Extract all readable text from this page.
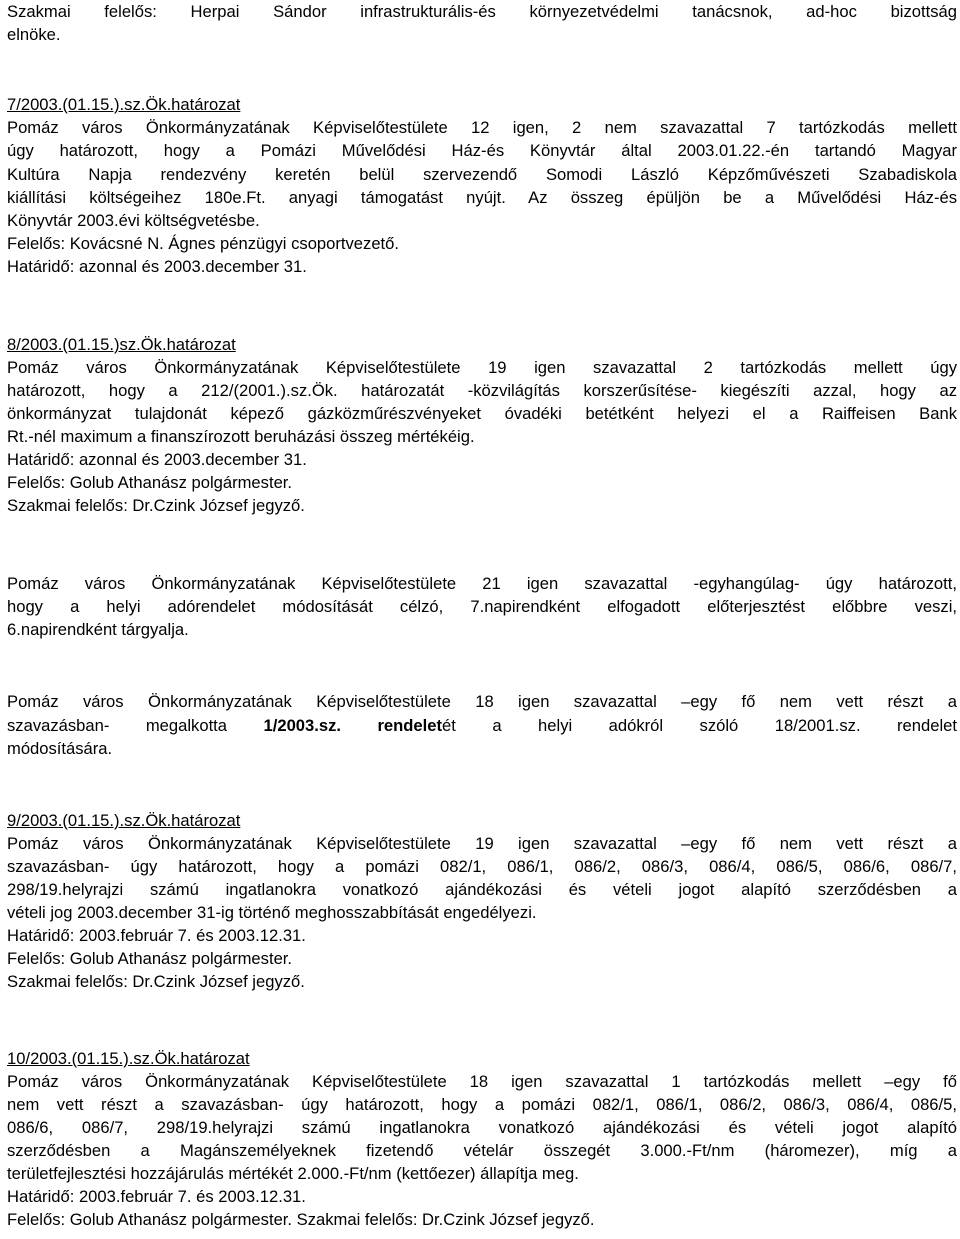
Szakmai felelős: Herpai Sándor infrastrukturális-és környezetvédelmi tanácsnok, ad-hoc bizottság
elnöke.
7/2003.(01.15.).sz.Ök.határozat
Pomáz város Önkormányzatának Képviselőtestülete 12 igen, 2 nem szavazattal 7 tartózkodás mellett
úgy határozott, hogy a Pomázi Művelődési Ház-és Könyvtár által 2003.01.22.-én tartandó Magyar
Kultúra Napja rendezvény keretén belül szervezendő Somodi László Képzőművészeti Szabadiskola
kiállítási költségeihez 180e.Ft. anyagi támogatást nyújt. Az összeg épüljön be a Művelődési Ház-és
Könyvtár 2003.évi költségvetésbe.
Felelős: Kovácsné N. Ágnes pénzügyi csoportvezető.
Határidő: azonnal és 2003.december 31.
8/2003.(01.15.)sz.Ök.határozat
Pomáz város Önkormányzatának Képviselőtestülete 19 igen szavazattal 2 tartózkodás mellett úgy
határozott, hogy a 212/(2001.).sz.Ök. határozatát -közvilágítás korszerűsítése- kiegészíti azzal, hogy az
önkormányzat tulajdonát képező gázközműrészvényeket óvadéki betétként helyezi el a Raiffeisen Bank
Rt.-nél maximum a finanszírozott beruházási összeg mértékéig.
Határidő: azonnal és 2003.december 31.
Felelős: Golub Athanász polgármester.
Szakmai felelős: Dr.Czink József jegyző.
Pomáz város Önkormányzatának Képviselőtestülete 21 igen szavazattal -egyhangúlag- úgy határozott,
hogy a helyi adórendelet módosítását célzó, 7.napirendként elfogadott előterjesztést előbbre veszi,
6.napirendként tárgyalja.
Pomáz város Önkormányzatának Képviselőtestülete 18 igen szavazattal –egy fő nem vett részt a
szavazásban- megalkotta 1/2003.sz. rendeletét a helyi adókról szóló 18/2001.sz. rendelet
módosítására.
9/2003.(01.15.).sz.Ök.határozat
Pomáz város Önkormányzatának Képviselőtestülete 19 igen szavazattal –egy fő nem vett részt a
szavazásban- úgy határozott, hogy a pomázi 082/1, 086/1, 086/2, 086/3, 086/4, 086/5, 086/6, 086/7,
298/19.helyrajzi számú ingatlanokra vonatkozó ajándékozási és vételi jogot alapító szerződésben a
vételi jog 2003.december 31-ig történő meghosszabbítását engedélyezi.
Határidő: 2003.február 7. és 2003.12.31.
Felelős: Golub Athanász polgármester.
Szakmai felelős: Dr.Czink József jegyző.
10/2003.(01.15.).sz.Ök.határozat
Pomáz város Önkormányzatának Képviselőtestülete 18 igen szavazattal 1 tartózkodás mellett –egy fő
nem vett részt a szavazásban- úgy határozott, hogy a pomázi 082/1, 086/1, 086/2, 086/3, 086/4, 086/5,
086/6, 086/7, 298/19.helyrajzi számú ingatlanokra vonatkozó ajándékozási és vételi jogot alapító
szerződésben a Magánszemélyeknek fizetendő vételár összegét 3.000.-Ft/nm (háromezer), míg a
területfejlesztési hozzájárulás mértékét 2.000.-Ft/nm (kettőezer) állapítja meg.
Határidő: 2003.február 7. és 2003.12.31.
Felelős: Golub Athanász polgármester. Szakmai felelős: Dr.Czink József jegyző.
